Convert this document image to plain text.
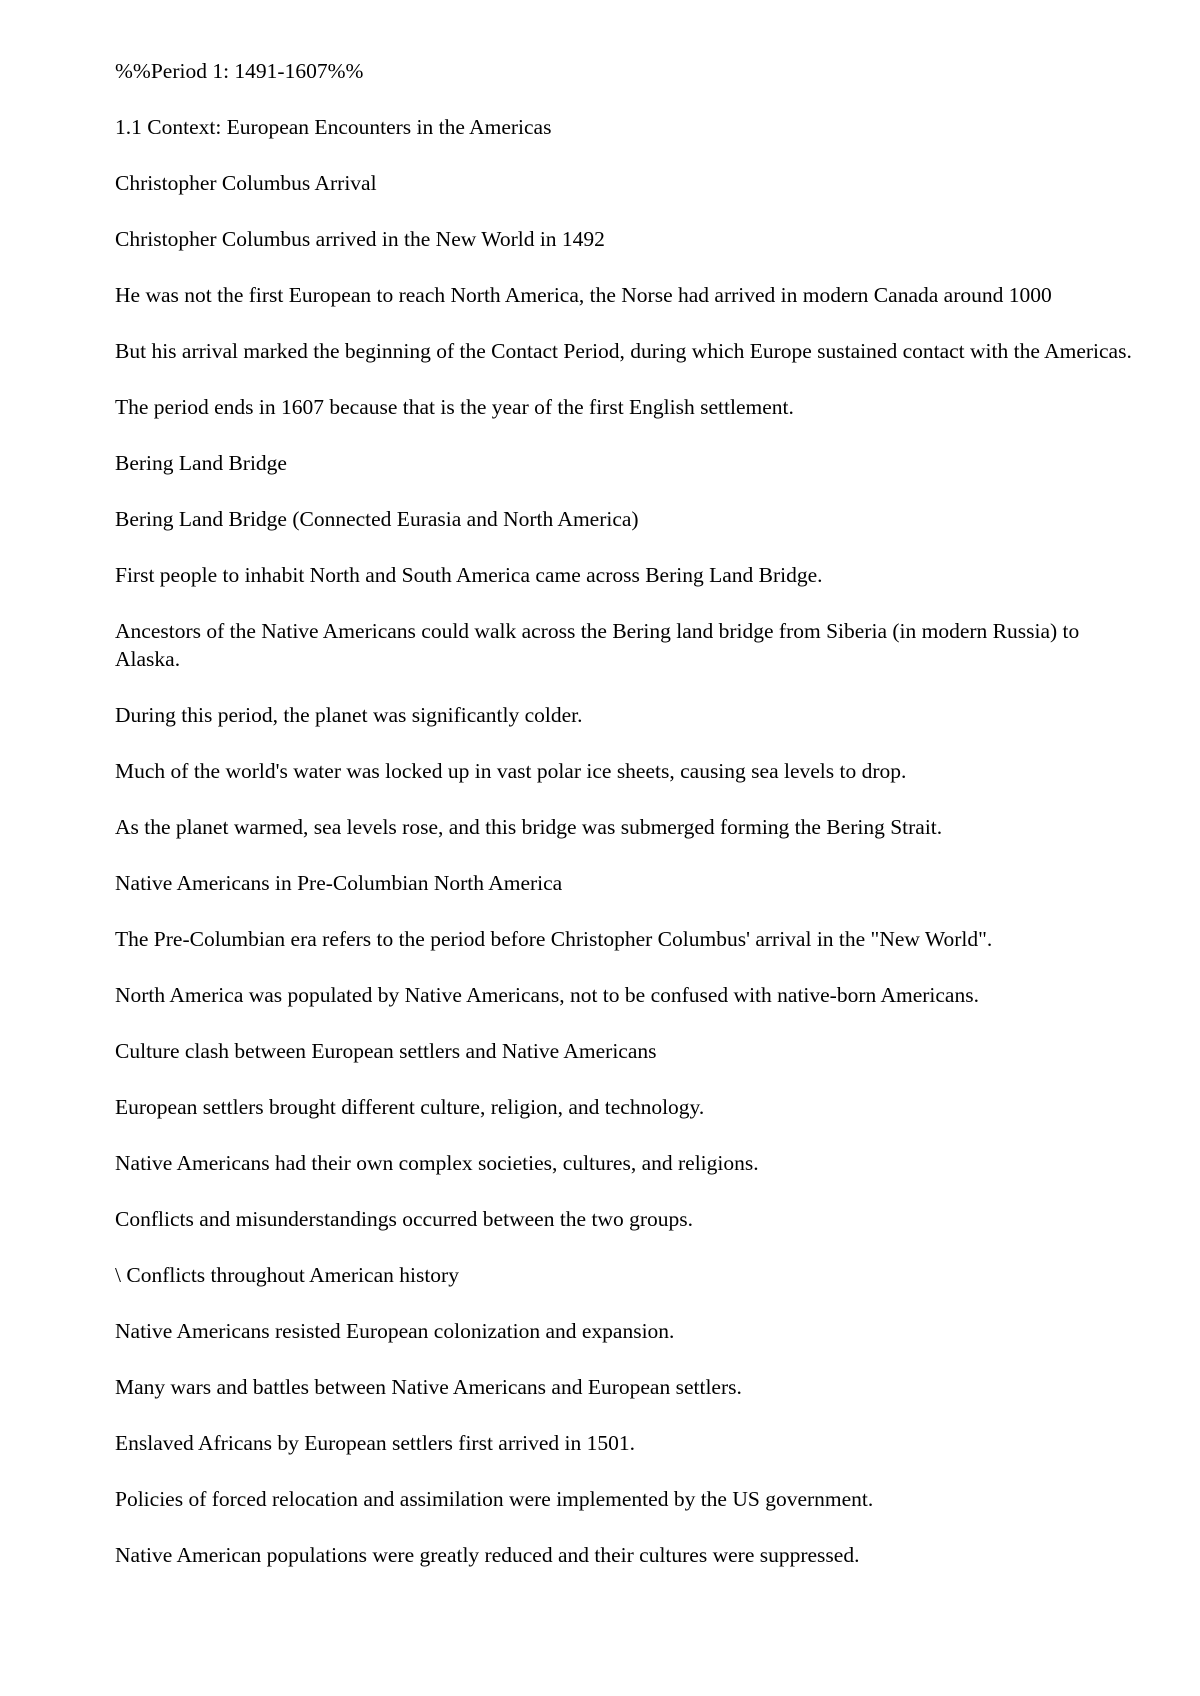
%%Period 1: 1491-1607%%

1.1 Context: European Encounters in the Americas

Christopher Columbus Arrival

Christopher Columbus arrived in the New World in 1492

He was not the first European to reach North America, the Norse had arrived in modern Canada around 1000

But his arrival marked the beginning of the Contact Period, during which Europe sustained contact with the Americas.

The period ends in 1607 because that is the year of the first English settlement.

Bering Land Bridge

Bering Land Bridge (Connected Eurasia and North America)

First people to inhabit North and South America came across Bering Land Bridge.

Ancestors of the Native Americans could walk across the Bering land bridge from Siberia (in modern Russia) to Alaska.

During this period, the planet was significantly colder.

Much of the world's water was locked up in vast polar ice sheets, causing sea levels to drop.

As the planet warmed, sea levels rose, and this bridge was submerged forming the Bering Strait.

Native Americans in Pre-Columbian North America

The Pre-Columbian era refers to the period before Christopher Columbus' arrival in the "New World".

North America was populated by Native Americans, not to be confused with native-born Americans.

Culture clash between European settlers and Native Americans

European settlers brought different culture, religion, and technology.

Native Americans had their own complex societies, cultures, and religions.

Conflicts and misunderstandings occurred between the two groups.

\ Conflicts throughout American history

Native Americans resisted European colonization and expansion.

Many wars and battles between Native Americans and European settlers.

Enslaved Africans by European settlers first arrived in 1501.

Policies of forced relocation and assimilation were implemented by the US government.

Native American populations were greatly reduced and their cultures were suppressed.
